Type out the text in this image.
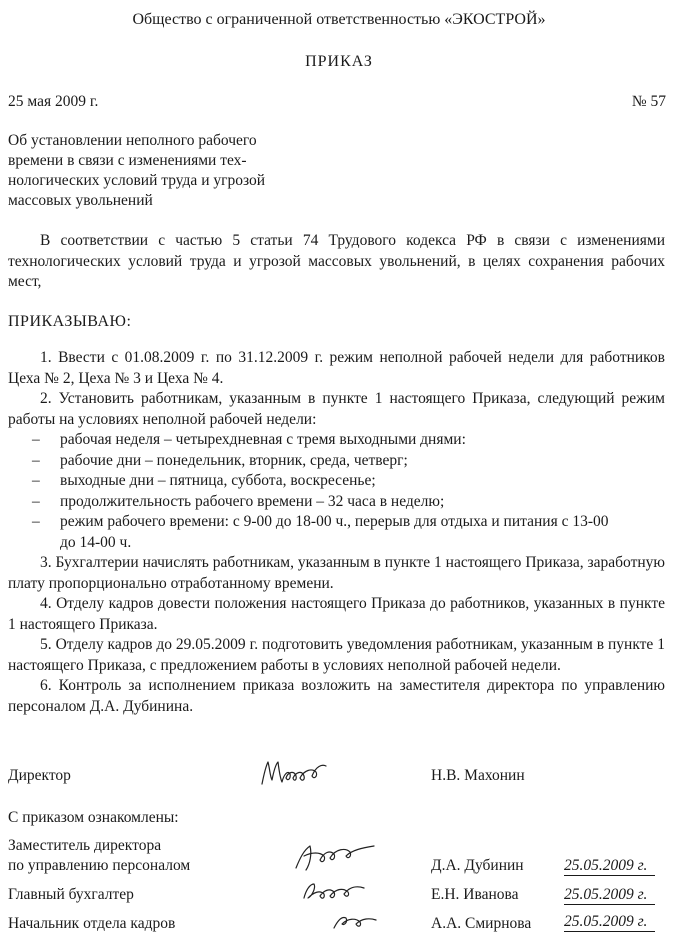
Общество с ограниченной ответственностью «ЭКОСТРОЙ»
ПРИКАЗ
25 мая 2009 г.	№ 57
Об установлении неполного рабочего
времени в связи с изменениями тех-
нологических условий труда и угрозой
массовых увольнений
В соответствии с частью 5 статьи 74 Трудового кодекса РФ в связи с изменениями технологических условий труда и угрозой массовых увольнений, в целях сохранения рабочих мест,
ПРИКАЗЫВАЮ:
1. Ввести с 01.08.2009 г. по 31.12.2009 г. режим неполной рабочей недели для работников Цеха № 2, Цеха № 3 и Цеха № 4.
2. Установить работникам, указанным в пункте 1 настоящего Приказа, следующий режим работы на условиях неполной рабочей недели:
– рабочая неделя – четырехдневная с тремя выходными днями:
– рабочие дни – понедельник, вторник, среда, четверг;
– выходные дни – пятница, суббота, воскресенье;
– продолжительность рабочего времени – 32 часа в неделю;
– режим рабочего времени: с 9-00 до 18-00 ч., перерыв для отдыха и питания с 13-00
до 14-00 ч.
3. Бухгалтерии начислять работникам, указанным в пункте 1 настоящего Приказа, заработную плату пропорционально отработанному времени.
4. Отделу кадров довести положения настоящего Приказа до работников, указанных в пункте 1 настоящего Приказа.
5. Отделу кадров до 29.05.2009 г. подготовить уведомления работникам, указанным в пункте 1 настоящего Приказа, с предложением работы в условиях неполной рабочей недели.
6. Контроль за исполнением приказа возложить на заместителя директора по управлению персоналом Д.А. Дубинина.
Директор	Н.В. Махонин
С приказом ознакомлены:
Заместитель директора
по управлению персоналом	Д.А. Дубинин	25.05.2009 г.
Главный бухгалтер	Е.Н. Иванова	25.05.2009 г.
Начальник отдела кадров	А.А. Смирнова 25.05.2009 г.
